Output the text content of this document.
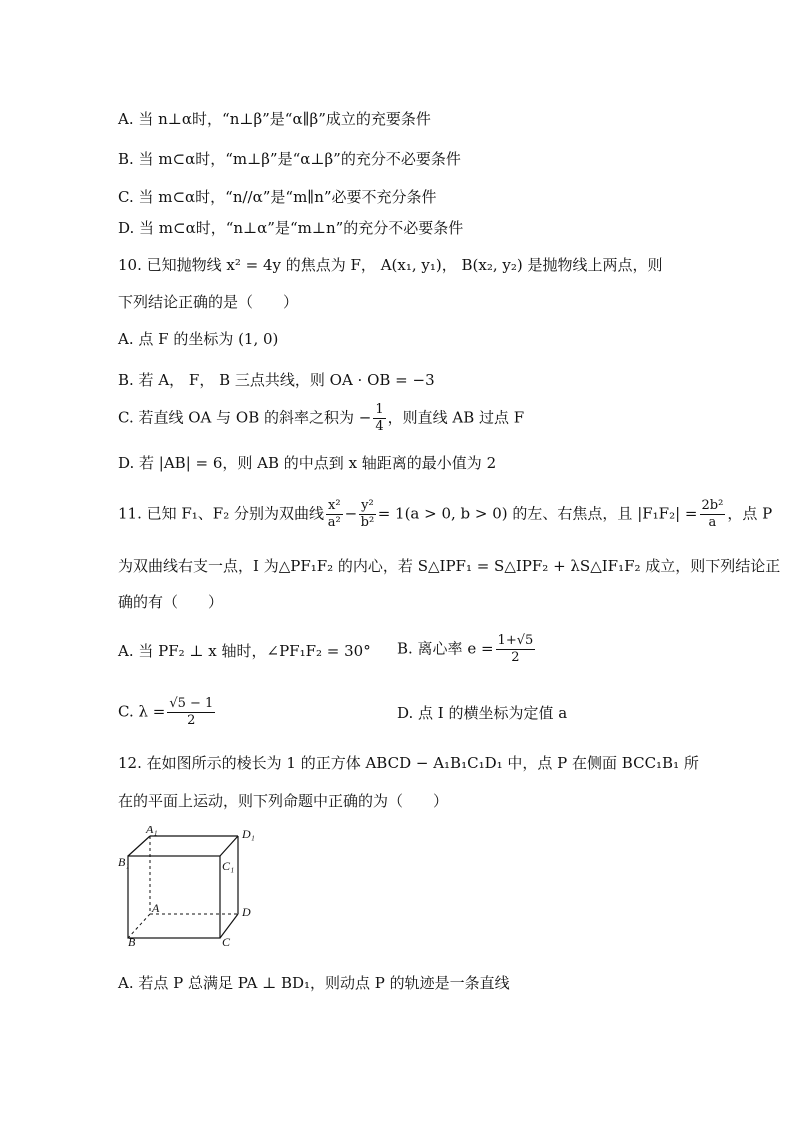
A. 当 n⊥α时，“n⊥β”是“α∥β”成立的充要条件
B. 当 m⊂α时，“m⊥β”是“α⊥β”的充分不必要条件
C. 当 m⊂α时，“n//α”是“m∥n”必要不充分条件
D. 当 m⊂α时，“n⊥α”是“m⊥n”的充分不必要条件
10. 已知抛物线 x² = 4y 的焦点为 F， A(x₁, y₁)， B(x₂, y₂) 是抛物线上两点，则
下列结论正确的是（　　）
A. 点 F 的坐标为 (1, 0)
B. 若 A， F， B 三点共线，则 OA · OB = −3
C. 若直线 OA 与 OB 的斜率之积为 − $\frac{1}{4}$ ，则直线 AB 过点 F
D. 若 |AB| = 6，则 AB 的中点到 x 轴距离的最小值为 2
11. 已知 F₁、F₂ 分别为双曲线 $\frac{\text{x²}}{\text{a²}} - \frac{\text{y²}}{\text{b²}} = 1(a > 0$, b > 0) 的左、右焦点，且 $|F_1F_2| = \frac{\text{2b²}}{a}$ ，点 P
为双曲线右支一点，I 为△PF₁F₂ 的内心，若 S△IPF₁ = S△IPF₂ + λS△IF₁F₂ 成立，则下列结论正
确的有（　　）
A. 当 PF₂ ⊥ x 轴时，∠PF₁F₂ = 30° B. 离心率 $e = \frac{1+√5}{2}$
C. $\lambda = \frac{√5 - 1}{2}$	D. 点 I 的横坐标为定值 a
12. 在如图所示的棱长为 1 的正方体 ABCD − A₁B₁C₁D₁ 中，点 P 在侧面 BCC₁B₁ 所
在的平面上运动，则下列命题中正确的为（　　）
A₁	D₁
B₁	C₁
A	D
B	C
A. 若点 P 总满足 PA ⊥ BD₁，则动点 P 的轨迹是一条直线
